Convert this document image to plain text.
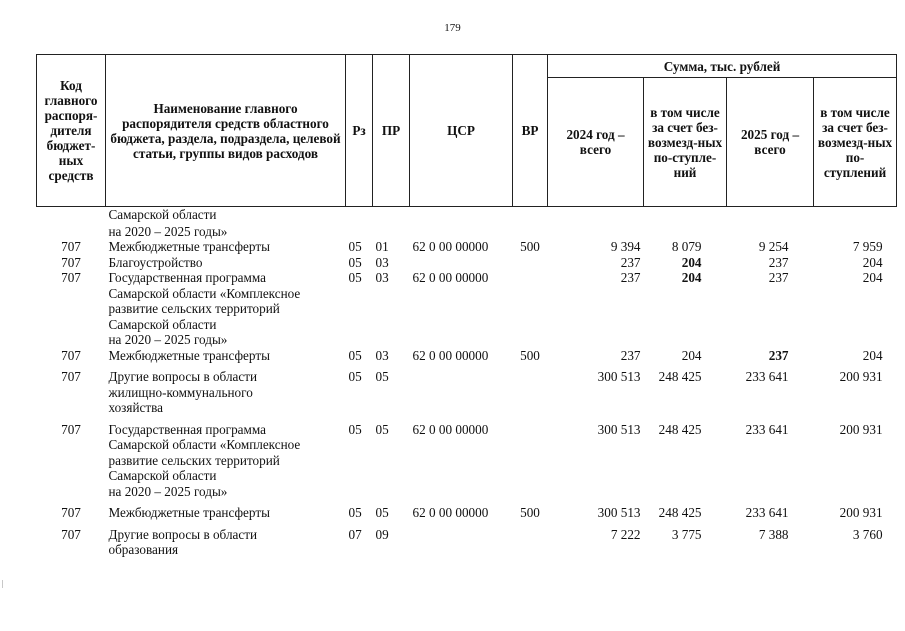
179
Код главного распоря-дителя бюджет-ных средств	Наименование главного распорядителя средств областного бюджета, раздела, подраздела, целевой статьи, группы видов расходов	Рз	ПР	ЦСР	ВР	Сумма, тыс. рублей			
						2024 год – всего	в том числе за счет без-возмезд-ных по-ступле-ний	2025 год – всего	в том числе за счет без-возмезд-ных по-ступлений
	Самарской области								
	на 2020 – 2025 годы»								
707	Межбюджетные трансферты	05	01	62 0 00 00000	500	9 394	8 079	9 254	7 959
707	Благоустройство	05	03			237	204	237	204
707	Государственная программа	05	03	62 0 00 00000		237	204	237	204
	Самарской области «Комплексное								
	развитие сельских территорий								
	Самарской области								
	на 2020 – 2025 годы»								
707	Межбюджетные трансферты	05	03	62 0 00 00000	500	237	204	237	204
707	Другие вопросы в области	05	05			300 513	248 425	233 641	200 931
	жилищно-коммунального								
	хозяйства								
707	Государственная программа	05	05	62 0 00 00000		300 513	248 425	233 641	200 931
	Самарской области «Комплексное								
	развитие сельских территорий								
	Самарской области								
	на 2020 – 2025 годы»								
707	Межбюджетные трансферты	05	05	62 0 00 00000	500	300 513	248 425	233 641	200 931
707	Другие вопросы в области	07	09			7 222	3 775	7 388	3 760
	образования								
